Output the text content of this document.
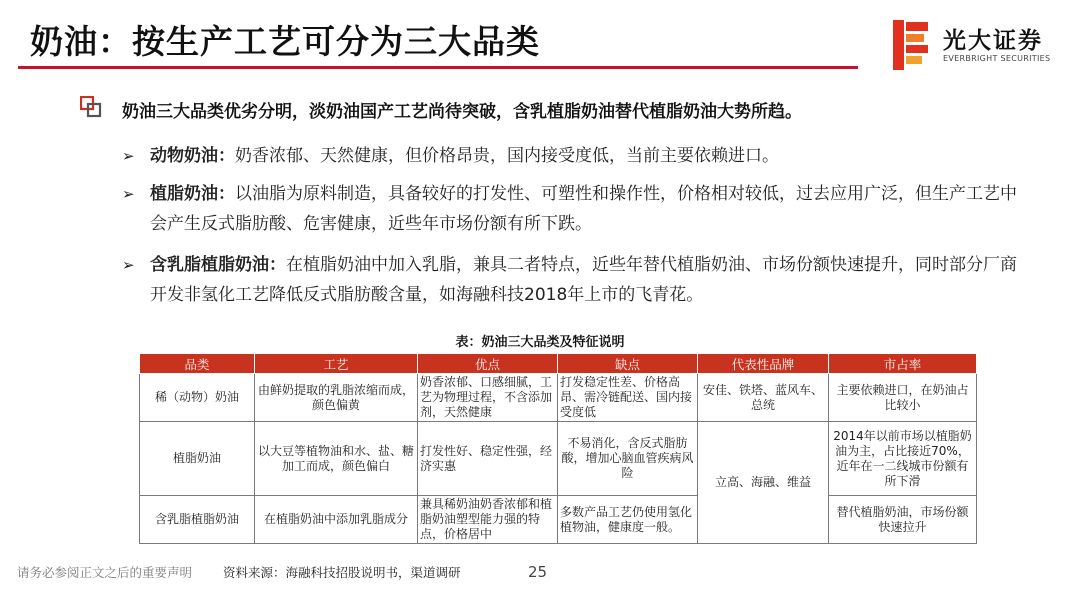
奶油：按生产工艺可分为三大品类	光大证券
EVERBRIGHT SECURITIES
奶油三大品类优劣分明，淡奶油国产工艺尚待突破，含乳植脂奶油替代植脂奶油大势所趋。
➢ 动物奶油：奶香浓郁、天然健康，但价格昂贵，国内接受度低，当前主要依赖进口。
➢ 植脂奶油：以油脂为原料制造，具备较好的打发性、可塑性和操作性，价格相对较低，过去应用广泛，但生产工艺中会产生反式脂肪酸、危害健康，近些年市场份额有所下跌。
➢ 含乳脂植脂奶油：在植脂奶油中加入乳脂，兼具二者特点，近些年替代植脂奶油、市场份额快速提升，同时部分厂商开发非氢化工艺降低反式脂肪酸含量，如海融科技2018年上市的飞青花。
表：奶油三大品类及特征说明
品类	工艺	优点	缺点	代表性品牌	市占率
稀（动物）奶油	由鲜奶提取的乳脂浓缩而成，颜色偏黄	奶香浓郁、口感细腻，工艺为物理过程，不含添加剂，天然健康	打发稳定性差、价格高昂、需冷链配送、国内接受度低	安佳、铁塔、蓝风车、总统	主要依赖进口，在奶油占比较小
植脂奶油	以大豆等植物油和水、盐、糖加工而成，颜色偏白	打发性好、稳定性强，经济实惠	不易消化，含反式脂肪酸，增加心脑血管疾病风险	立高、海融、维益	2014年以前市场以植脂奶油为主，占比接近70%，近年在一二线城市份额有所下滑
含乳脂植脂奶油	在植脂奶油中添加乳脂成分	兼具稀奶油奶香浓郁和植脂奶油塑型能力强的特点，价格居中	多数产品工艺仍使用氢化植物油，健康度一般。		替代植脂奶油，市场份额快速拉升
请务必参阅正文之后的重要声明 资料来源：海融科技招股说明书，渠道调研	25
